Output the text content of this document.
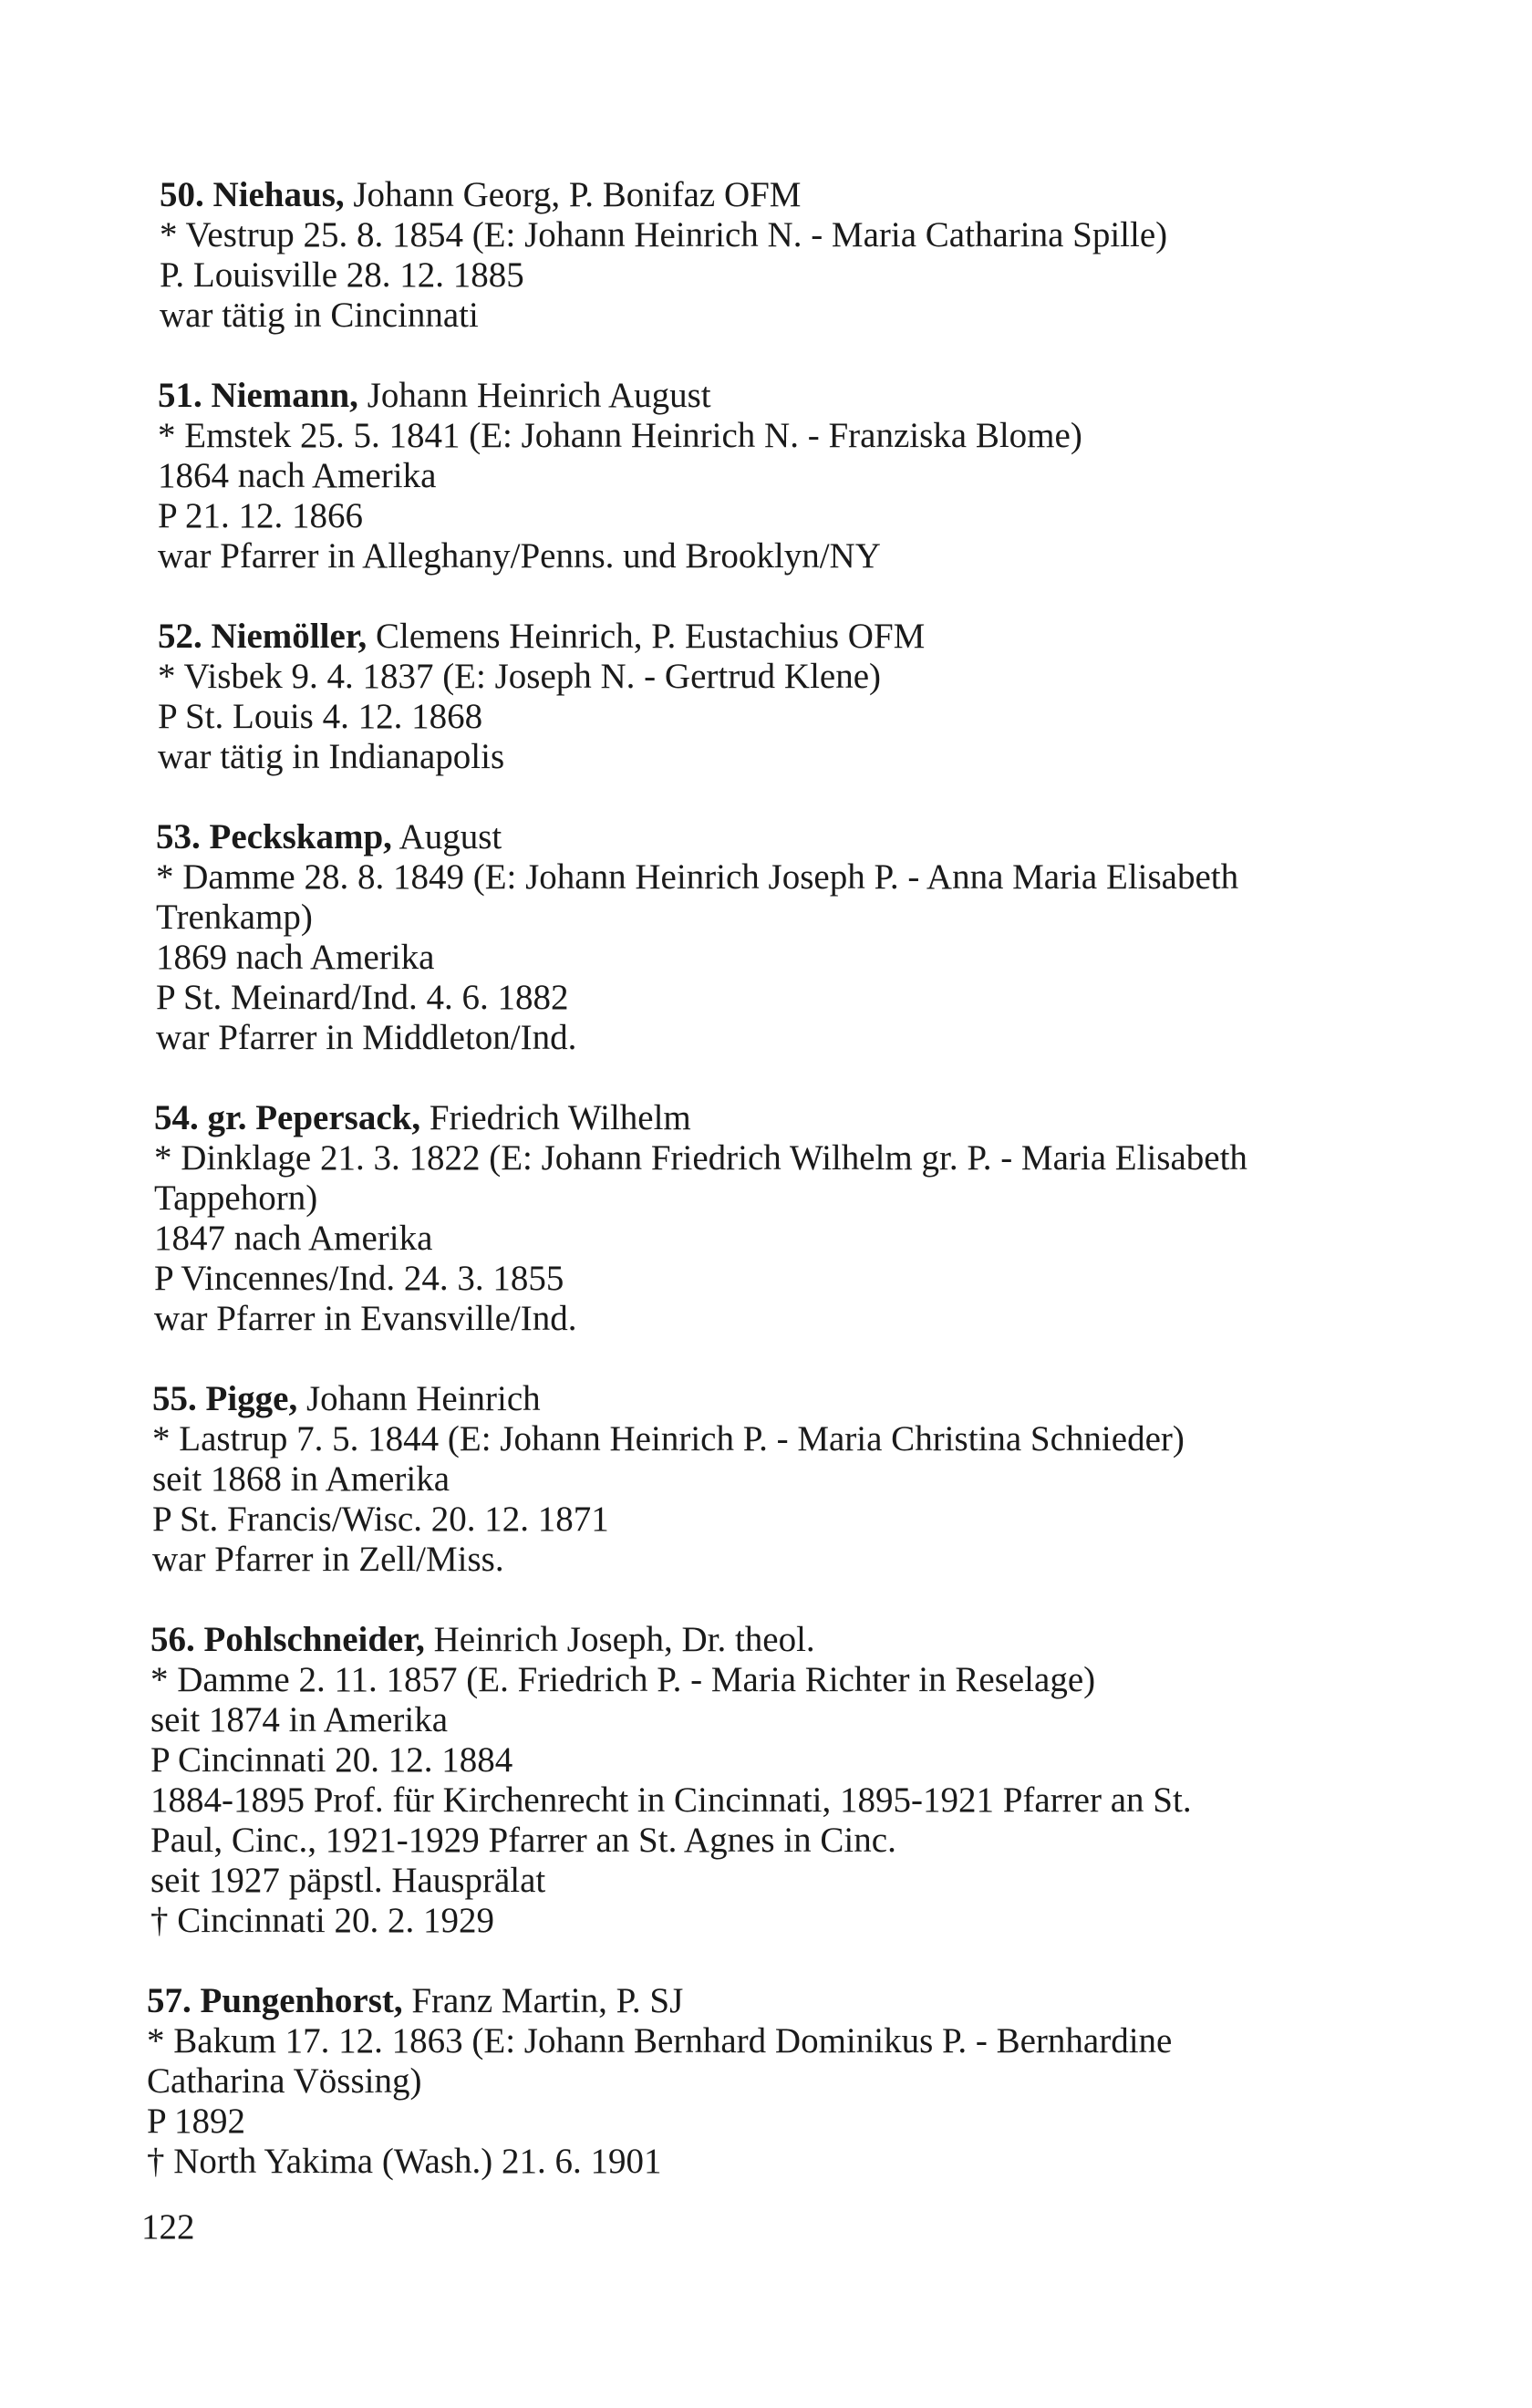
50. Niehaus, Johann Georg, P. Bonifaz OFM
* Vestrup 25. 8. 1854 (E: Johann Heinrich N. - Maria Catharina Spille)
P. Louisville 28. 12. 1885
war tätig in Cincinnati
51. Niemann, Johann Heinrich August
* Emstek 25. 5. 1841 (E: Johann Heinrich N. - Franziska Blome)
1864 nach Amerika
P 21. 12. 1866
war Pfarrer in Alleghany/Penns. und Brooklyn/NY
52. Niemöller, Clemens Heinrich, P. Eustachius OFM
* Visbek 9. 4. 1837 (E: Joseph N. - Gertrud Klene)
P St. Louis 4. 12. 1868
war tätig in Indianapolis
53. Peckskamp, August
* Damme 28. 8. 1849 (E: Johann Heinrich Joseph P. - Anna Maria Elisabeth
Trenkamp)
1869 nach Amerika
P St. Meinard/Ind. 4. 6. 1882
war Pfarrer in Middleton/Ind.
54. gr. Pepersack, Friedrich Wilhelm
* Dinklage 21. 3. 1822 (E: Johann Friedrich Wilhelm gr. P. - Maria Elisabeth
Tappehorn)
1847 nach Amerika
P Vincennes/Ind. 24. 3. 1855
war Pfarrer in Evansville/Ind.
55. Pigge, Johann Heinrich
* Lastrup 7. 5. 1844 (E: Johann Heinrich P. - Maria Christina Schnieder)
seit 1868 in Amerika
P St. Francis/Wisc. 20. 12. 1871
war Pfarrer in Zell/Miss.
56. Pohlschneider, Heinrich Joseph, Dr. theol.
* Damme 2. 11. 1857 (E. Friedrich P. - Maria Richter in Reselage)
seit 1874 in Amerika
P Cincinnati 20. 12. 1884
1884-1895 Prof. für Kirchenrecht in Cincinnati, 1895-1921 Pfarrer an St.
Paul, Cinc., 1921-1929 Pfarrer an St. Agnes in Cinc.
seit 1927 päpstl. Hausprälat
† Cincinnati 20. 2. 1929
57. Pungenhorst, Franz Martin, P. SJ
* Bakum 17. 12. 1863 (E: Johann Bernhard Dominikus P. - Bernhardine
Catharina Vössing)
P 1892
† North Yakima (Wash.) 21. 6. 1901
122
